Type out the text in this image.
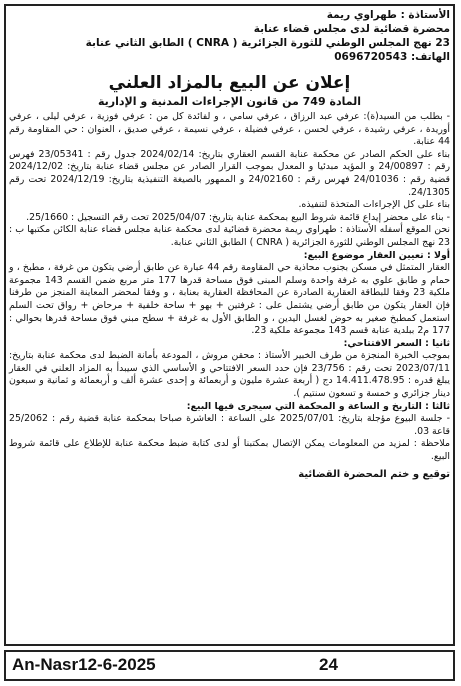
الأستاذة : طهراوي ريمة
محضرة قضائية لدى مجلس قضاء عنابة
23 نهج المجلس الوطني للثورة الجزائرية ( CNRA ) الطابق الثاني عنابة
الهاتف: 0696720543
إعلان عن البيع بالمزاد العلني
المادة 749 من قانون الإجراءات المدنية و الإدارية

- بطلب من السيد(ة): عرفي عبد الرزاق ، عرفي سامي ، و لفائدة كل من : عرفي فوزية ، عرفي ليلى ، عرفي أوريدة ، عرفي رشيدة ، عرفي لحسن ، عرفي فضيلة ، عرفي نسيمة ، عرفي صديق ، العنوان : حي المقاومة رقم 44 عنابة.

بناء على الحكم الصادر عن محكمة عنابة القسم العقاري بتاريخ: 2024/02/14 جدول رقم : 23/05341 فهرس رقم : 24/00897 و المؤيد مبدئيا و المعدل بموجب القرار الصادر عن مجلس قضاء عنابة بتاريخ: 2024/12/02 قضية رقم : 24/01036 فهرس رقم : 24/02160 و الممهور بالصيغة التنفيذية بتاريخ: 2024/12/19 تحت رقم 24/1305.

بناء على كل الإجراءات المتخذة لتنفيذه.

- بناء على محضر إيداع قائمة شروط البيع بمحكمة عنابة بتاريخ: 2025/04/07 تحت رقم التسجيل : 25/1660.

نحن الموقع أسفله الأستاذة : طهراوي ريمة محضرة قضائية لدى محكمة عنابة مجلس قضاء عنابة الكائن مكتبها ب : 23 نهج المجلس الوطني للثورة الجزائرية ( CNRA ) الطابق الثاني عنابة.

أولا : تعيين العقار موضوع البيع:

العقار المتمثل في مسكن بجنوب محاذية حي المقاومة رقم 44 عبارة عن طابق أرضي يتكون من غرفة ، مطبخ ، و حمام و طابق علوي به غرفة واحدة وسلم المبنى فوق مساحة قدرها 177 متر مربع ضمن القسم 143 مجموعة ملكية 23 وفقا للبطاقة العقارية الصادرة عن المحافظة العقارية بعنابة ، و وفقا لمحضر المعاينة المنجز من طرفنا فإن العقار يتكون من طابق أرضي يشتمل على : غرفتين + بهو + ساحة خلفية + مرحاض + رواق تحت السلم استعمل كمطبخ صغير به حوض لغسل اليدين ، و الطابق الأول به غرفة + سطح مبني فوق مساحة قدرها بحوالي : 177 م2 ببلدية عنابة قسم 143 مجموعة ملكية 23.

ثانيا : السعر الافتتاحي:

بموجب الخبرة المنجزة من طرف الخبير الأستاذ : محقن مروش ، المودعة بأمانة الضبط لدى محكمة عنابة بتاريخ: 2023/07/11 تحت رقم : 23/756 فإن حدد السعر الافتتاحي و الأساسي الذي سيبدأ به المزاد العلني في العقار يبلغ قدره : 14.411.478.95 دج ( أربعة عشرة مليون و أربعمائة و إحدى عشرة ألف و أربعمائة و ثمانية و سبعون دينار جزائري و خمسة و تسعون سنتيم ).

ثالثا : التاريخ و الساعة و المحكمة التي سيجرى فيها البيع:

- جلسة البيوع مؤجلة بتاريخ: 2025/07/01 على الساعة : العاشرة صباحا بمحكمة عنابة قضية رقم : 25/2062 قاعة 03.

ملاحظة : لمزيد من المعلومات يمكن الإتصال بمكتبنا أو لدى كتابة ضبط محكمة عنابة للإطلاع على قائمة شروط البيع.

توقيع و ختم المحضرة القضائية
An-Nasr12-6-2025	24
